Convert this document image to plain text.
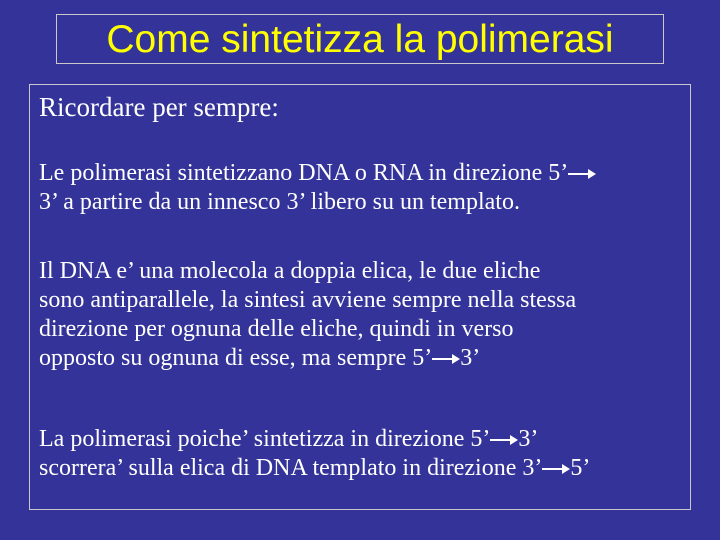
Come sintetizza la polimerasi

Ricordare per sempre:

Le polimerasi sintetizzano DNA o RNA in direzione 5’
3’ a partire da un innesco 3’ libero su un templato.
Il DNA e’ una molecola a doppia elica, le due eliche
sono antiparallele, la sintesi avviene sempre nella stessa
direzione per ognuna delle eliche, quindi in verso
opposto su ognuna di esse, ma sempre 5’ 3’
La polimerasi poiche’ sintetizza in direzione 5’ 3’
scorrera’ sulla elica di DNA templato in direzione 3’ 5’
